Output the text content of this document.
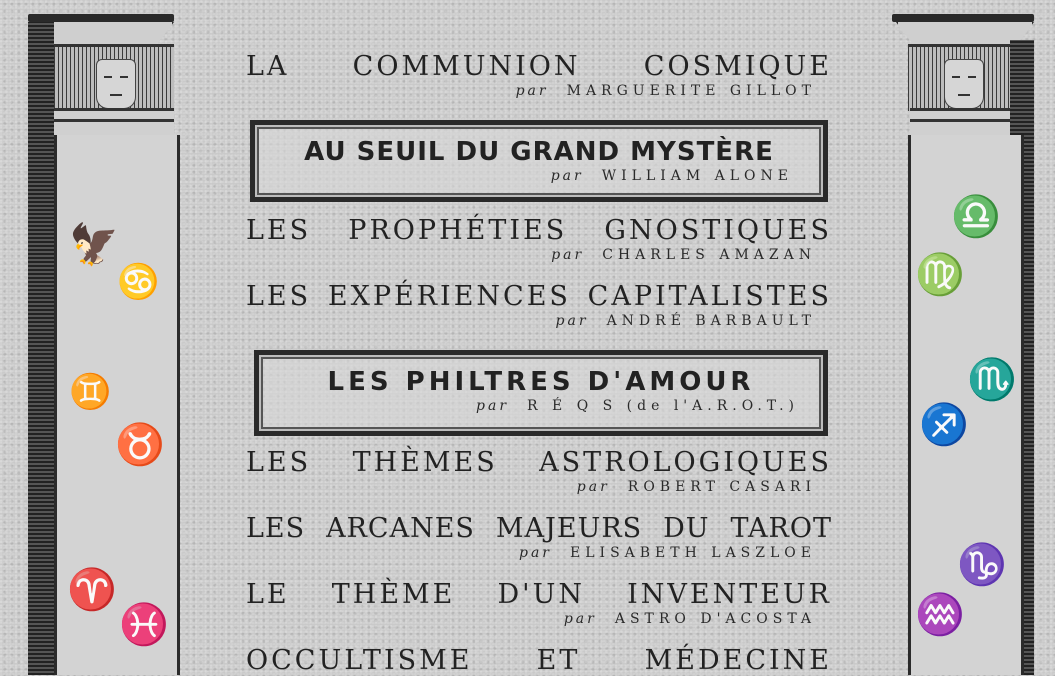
🦅
♋
♊
♉
♈
♓
♎
♍
♏
♐
♑
♒
LA COMMUNION COSMIQUE
par MARGUERITE GILLOT
AU SEUIL DU GRAND MYSTÈRE
par WILLIAM ALONE
LES PROPHÉTIES GNOSTIQUES
par CHARLES AMAZAN
LES EXPÉRIENCES CAPITALISTES
par ANDRÉ BARBAULT
LES PHILTRES D'AMOUR
par R É Q S (de l'A.R.O.T.)
LES THÈMES ASTROLOGIQUES
par ROBERT CASARI
LES ARCANES MAJEURS DU TAROT
par ELISABETH LASZLOE
LE THÈME D'UN INVENTEUR
par ASTRO D'ACOSTA
OCCULTISME ET MÉDECINE
